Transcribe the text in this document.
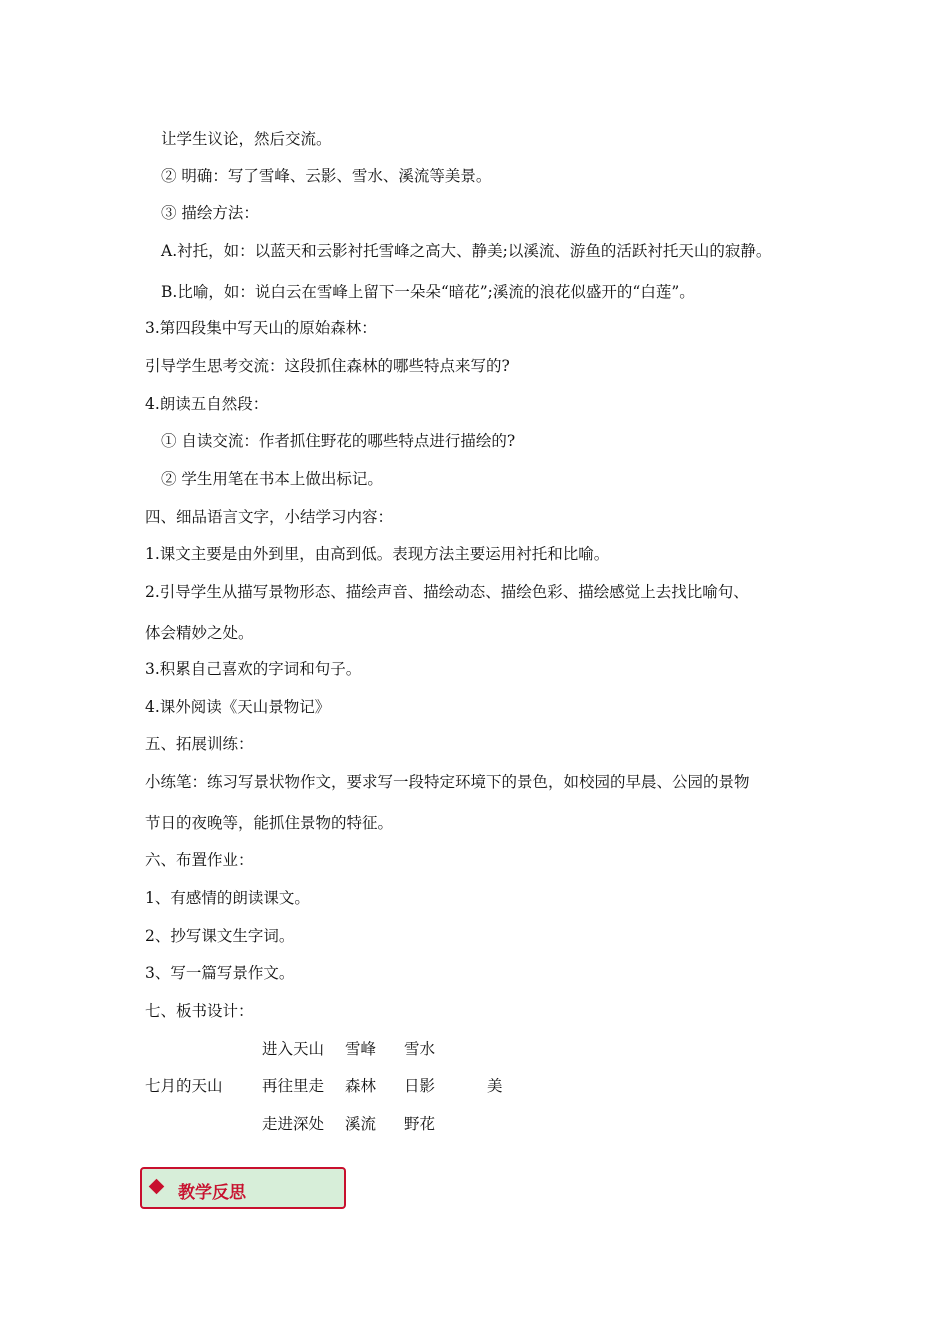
让学生议论，然后交流。
② 明确：写了雪峰、云影、雪水、溪流等美景。
③ 描绘方法：
A.衬托，如：以蓝天和云影衬托雪峰之高大、静美;以溪流、游鱼的活跃衬托天山的寂静。
B.比喻，如：说白云在雪峰上留下一朵朵“暗花”;溪流的浪花似盛开的“白莲”。
3.第四段集中写天山的原始森林：
引导学生思考交流：这段抓住森林的哪些特点来写的?
4.朗读五自然段：
① 自读交流：作者抓住野花的哪些特点进行描绘的?
② 学生用笔在书本上做出标记。
四、细品语言文字，小结学习内容：
1.课文主要是由外到里，由高到低。表现方法主要运用衬托和比喻。
2.引导学生从描写景物形态、描绘声音、描绘动态、描绘色彩、描绘感觉上去找比喻句、
体会精妙之处。
3.积累自己喜欢的字词和句子。
4.课外阅读《天山景物记》
五、拓展训练：
小练笔：练习写景状物作文，要求写一段特定环境下的景色，如校园的早晨、公园的景物
节日的夜晚等，能抓住景物的特征。
六、布置作业：
1、有感情的朗读课文。
2、抄写课文生字词。
3、写一篇写景作文。
七、板书设计：
七月的天山
进入天山 雪峰 雪水
再往里走 森林 日影	美
走进深处 溪流 野花
教学反思
